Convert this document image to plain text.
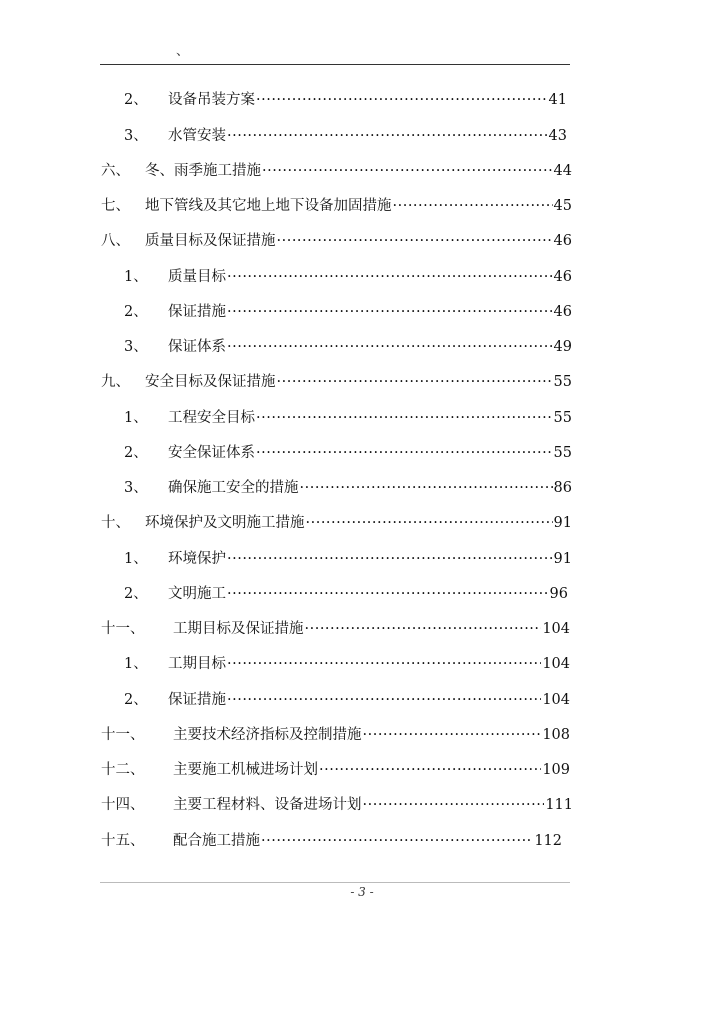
、
2、	设备吊装方案 ·····	41
3、	水管安装 ·····	43
六、	冬、雨季施工措施 ·····	44
七、	地下管线及其它地上地下设备加固措施 ·····	45
八、	质量目标及保证措施 ·····	46
1、	质量目标 ·····	46
2、	保证措施 ·····	46
3、	保证体系 ·····	49
九、	安全目标及保证措施 ·····	55
1、	工程安全目标 ·····	55
2、	安全保证体系 ·····	55
3、	确保施工安全的措施 ·····	86
十、	环境保护及文明施工措施 ·····	91
1、	环境保护 ·····	91
2、	文明施工 ·····	96
十一、	工期目标及保证措施 ·····	104
1、	工期目标 ·····	104
2、	保证措施 ·····	104
十一、	主要技术经济指标及控制措施 ·····	108
十二、	主要施工机械进场计划 ·····	109
十四、	主要工程材料、设备进场计划 ·····	111
十五、	配合施工措施 ·····	112
- 3 -
